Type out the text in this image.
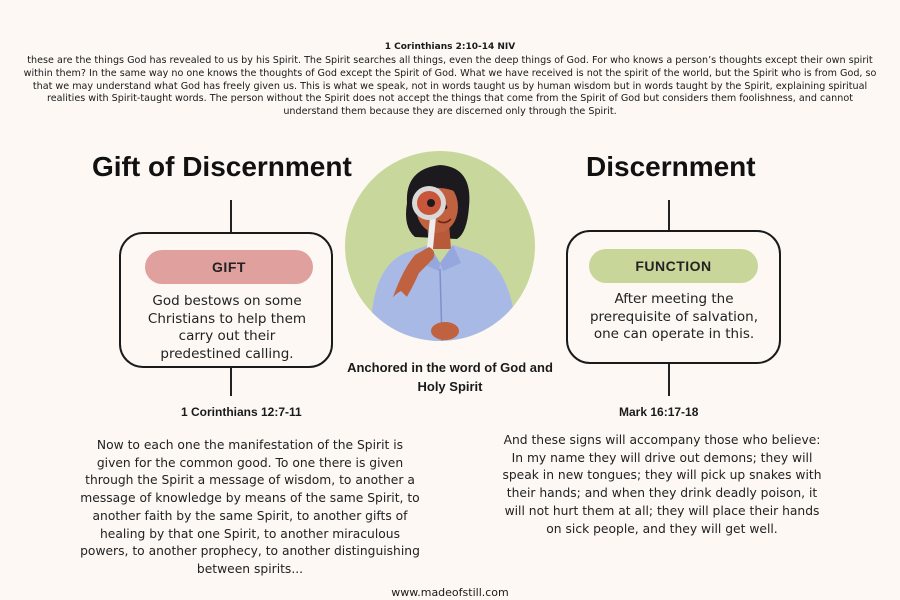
1 Corinthians 2:10-14 NIV
these are the things God has revealed to us by his Spirit. The Spirit searches all things, even the deep things of God. For who knows a person’s thoughts except their own spirit within them? In the same way no one knows the thoughts of God except the Spirit of God. What we have received is not the spirit of the world, but the Spirit who is from God, so that we may understand what God has freely given us. This is what we speak, not in words taught us by human wisdom but in words taught by the Spirit, explaining spiritual realities with Spirit-taught words. The person without the Spirit does not accept the things that come from the Spirit of God but considers them foolishness, and cannot understand them because they are discerned only through the Spirit.
Gift of Discernment	Discernment
GIFT
God bestows on some Christians to help them carry out their predestined calling.
FUNCTION
After meeting the prerequisite of salvation, one can operate in this.
Anchored in the word of God and Holy Spirit
1 Corinthians 12:7-11	Mark 16:17-18
Now to each one the manifestation of the Spirit is given for the common good. To one there is given through the Spirit a message of wisdom, to another a message of knowledge by means of the same Spirit, to another faith by the same Spirit, to another gifts of healing by that one Spirit, to another miraculous powers, to another prophecy, to another distinguishing between spirits...
And these signs will accompany those who believe: In my name they will drive out demons; they will speak in new tongues; they will pick up snakes with their hands; and when they drink deadly poison, it will not hurt them at all; they will place their hands on sick people, and they will get well.
www.madeofstill.com
